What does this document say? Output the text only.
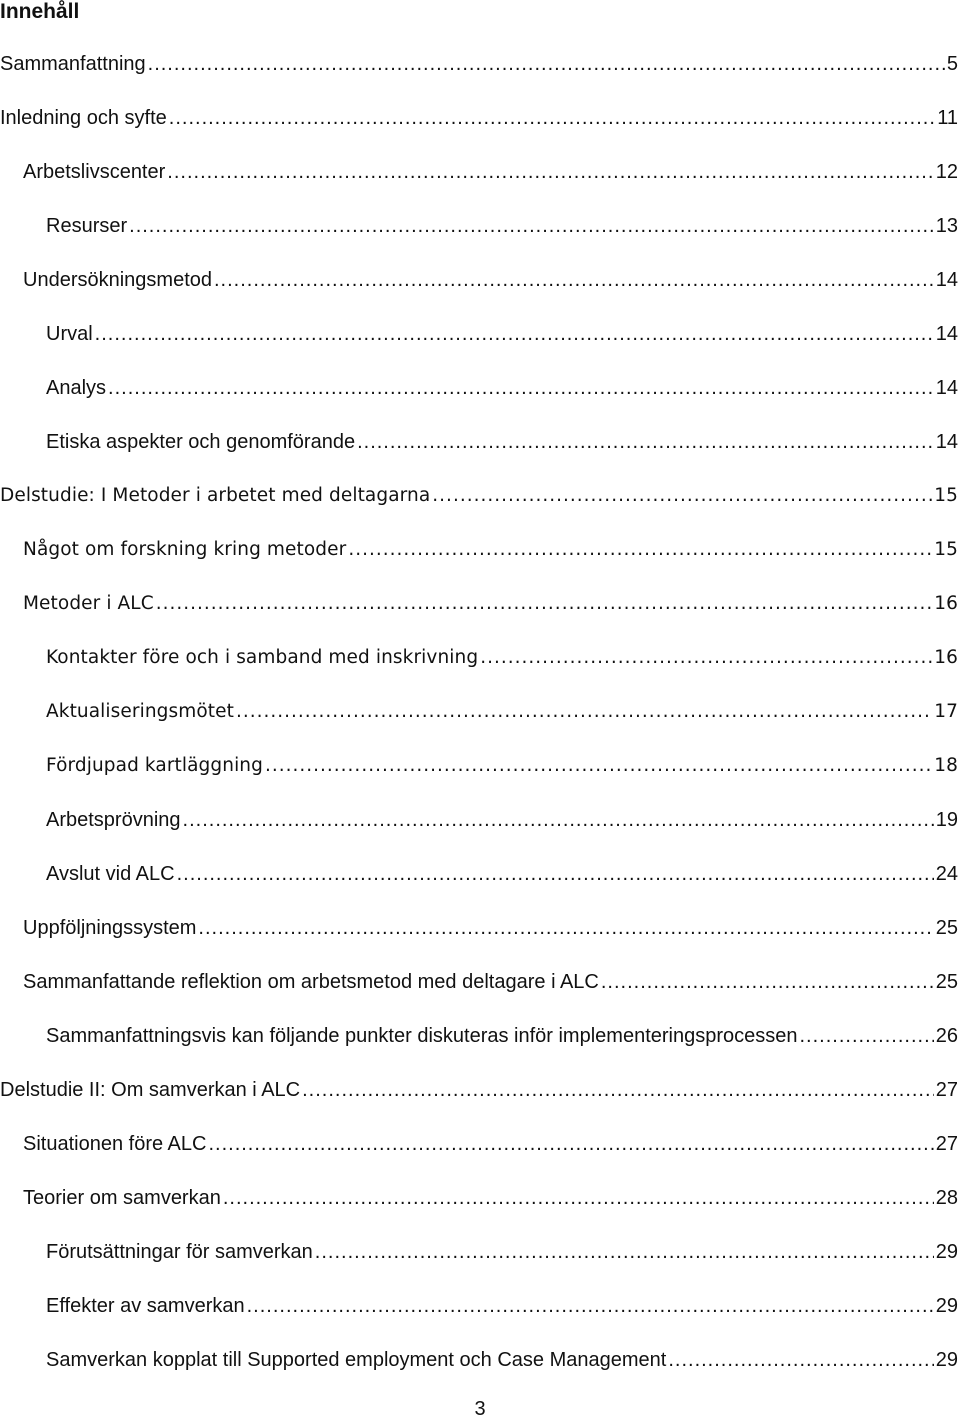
Innehåll
Sammanfattning .....	5
Inledning och syfte .....	11
Arbetslivscenter .....	12
Resurser .....	13
Undersökningsmetod .....	14
Urval .....	14
Analys .....	14
Etiska aspekter och genomförande .....	14
Delstudie: I Metoder i arbetet med deltagarna .....	15
Något om forskning kring metoder .....	15
Metoder i ALC .....	16
Kontakter före och i samband med inskrivning .....	16
Aktualiseringsmötet .....	17
Fördjupad kartläggning .....	18
Arbetsprövning .....	19
Avslut vid ALC .....	24
Uppföljningssystem .....	25
Sammanfattande reflektion om arbetsmetod med deltagare i ALC .....	25
Sammanfattningsvis kan följande punkter diskuteras inför implementeringsprocessen .....	26
Delstudie II: Om samverkan i ALC .....	27
Situationen före ALC .....	27
Teorier om samverkan .....	28
Förutsättningar för samverkan .....	29
Effekter av samverkan .....	29
Samverkan kopplat till Supported employment och Case Management .....	29
3
